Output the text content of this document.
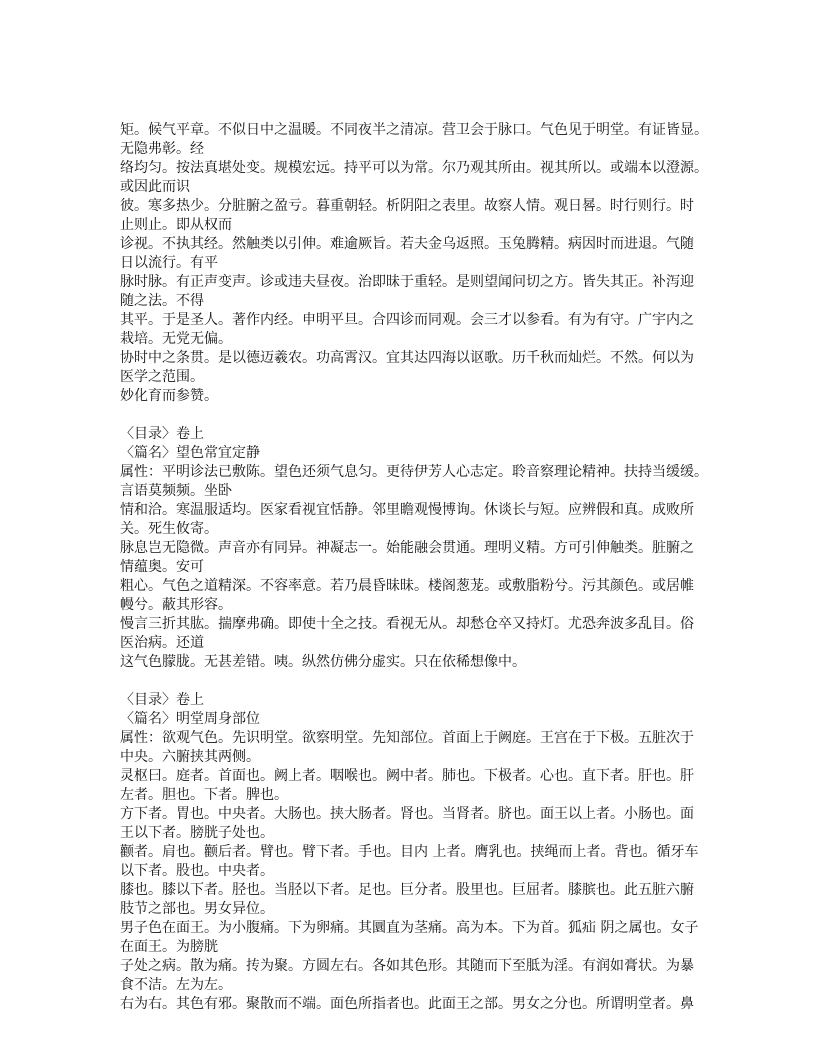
矩。候气平章。不似日中之温暖。不同夜半之清凉。营卫会于脉口。气色见于明堂。有证皆显。
无隐弗彰。经
络均匀。按法真堪处变。规模宏远。持平可以为常。尔乃观其所由。视其所以。或端本以澄源。
或因此而识
彼。寒多热少。分脏腑之盈亏。暮重朝轻。析阴阳之表里。故察人情。观日晷。时行则行。时
止则止。即从权而
诊视。不执其经。然触类以引伸。难逾厥旨。若夫金乌返照。玉兔腾精。病因时而进退。气随
日以流行。有平
脉时脉。有正声变声。诊或违夫昼夜。治即昧于重轻。是则望闻问切之方。皆失其正。补泻迎
随之法。不得
其平。于是圣人。著作内经。申明平旦。合四诊而同观。会三才以参看。有为有守。广宇内之
栽培。无党无偏。
协时中之条贯。是以德迈羲农。功高霄汉。宜其达四海以讴歌。历千秋而灿烂。不然。何以为
医学之范围。
妙化育而参赞。
〈目录〉卷上
〈篇名〉望色常宜定静
属性：平明诊法已敷陈。望色还须气息匀。更待伊芳人心志定。聆音察理论精神。扶持当缓缓。
言语莫频频。坐卧
情和洽。寒温服适均。医家看视宜恬静。邻里瞻观慢博询。休谈长与短。应辨假和真。成败所
关。死生攸寄。
脉息岂无隐微。声音亦有同异。神凝志一。始能融会贯通。理明义精。方可引伸触类。脏腑之
情蕴奥。安可
粗心。气色之道精深。不容率意。若乃晨昏昧昧。楼阁葱茏。或敷脂粉兮。污其颜色。或居帷
幔兮。蔽其形容。
慢言三折其肱。揣摩弗确。即使十全之技。看视无从。却愁仓卒又持灯。尤恐奔波多乱目。俗
医治病。还道
这气色朦胧。无甚差错。咦。纵然仿佛分虚实。只在依稀想像中。
〈目录〉卷上
〈篇名〉明堂周身部位
属性：欲观气色。先识明堂。欲察明堂。先知部位。首面上于阙庭。王宫在于下极。五脏次于
中央。六腑挟其两侧。
灵枢曰。庭者。首面也。阙上者。咽喉也。阙中者。肺也。下极者。心也。直下者。肝也。肝
左者。胆也。下者。脾也。
方下者。胃也。中央者。大肠也。挟大肠者。肾也。当肾者。脐也。面王以上者。小肠也。面
王以下者。膀胱子处也。
颧者。肩也。颧后者。臂也。臂下者。手也。目内 上者。膺乳也。挟绳而上者。背也。循牙车
以下者。股也。中央者。
膝也。膝以下者。胫也。当胫以下者。足也。巨分者。股里也。巨屈者。膝膑也。此五脏六腑
肢节之部也。男女异位。
男子色在面王。为小腹痛。下为卵痛。其圜直为茎痛。高为本。下为首。狐疝 阴之属也。女子
在面王。为膀胱
子处之病。散为痛。抟为聚。方圆左右。各如其色形。其随而下至胝为淫。有润如膏状。为暴
食不洁。左为左。
右为右。其色有邪。聚散而不端。面色所指者也。此面王之部。男女之分也。所谓明堂者。鼻
